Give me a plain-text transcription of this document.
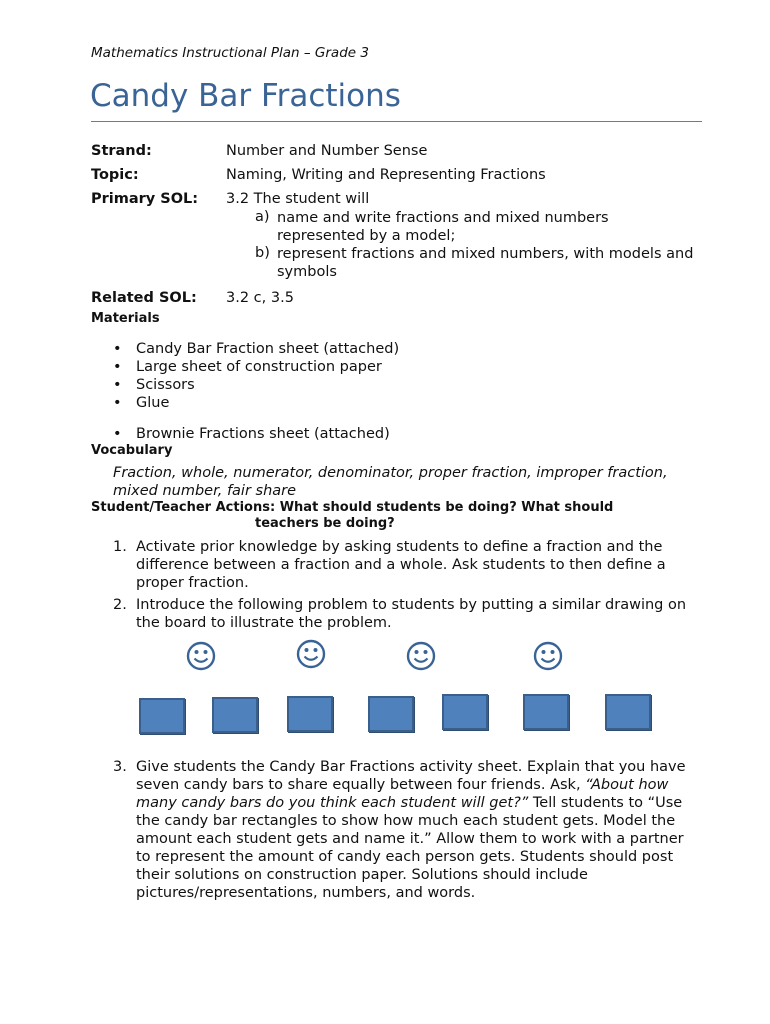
Mathematics Instructional Plan – Grade 3
Candy Bar Fractions
Strand:	Number and Number Sense
Topic:	Naming, Writing and Representing Fractions
Primary SOL: 3.2 The student will
a) name and write fractions and mixed numbers represented by a model;
b) represent fractions and mixed numbers, with models and symbols
Related SOL: 3.2 c, 3.5
Materials
• Candy Bar Fraction sheet (attached)
• Large sheet of construction paper
• Scissors
• Glue
• Brownie Fractions sheet (attached)
Vocabulary
Fraction, whole, numerator, denominator, proper fraction, improper fraction, mixed number, fair share
Student/Teacher Actions: What should students be doing? What should
teachers be doing?
1. Activate prior knowledge by asking students to define a fraction and the difference between a fraction and a whole. Ask students to then define a proper fraction.
2. Introduce the following problem to students by putting a similar drawing on the board to illustrate the problem.
3. Give students the Candy Bar Fractions activity sheet. Explain that you have seven candy bars to share equally between four friends. Ask, “About how many candy bars do you think each student will get?” Tell students to “Use the candy bar rectangles to show how much each student gets. Model the amount each student gets and name it.” Allow them to work with a partner to represent the amount of candy each person gets. Students should post their solutions on construction paper. Solutions should include pictures/representations, numbers, and words.
